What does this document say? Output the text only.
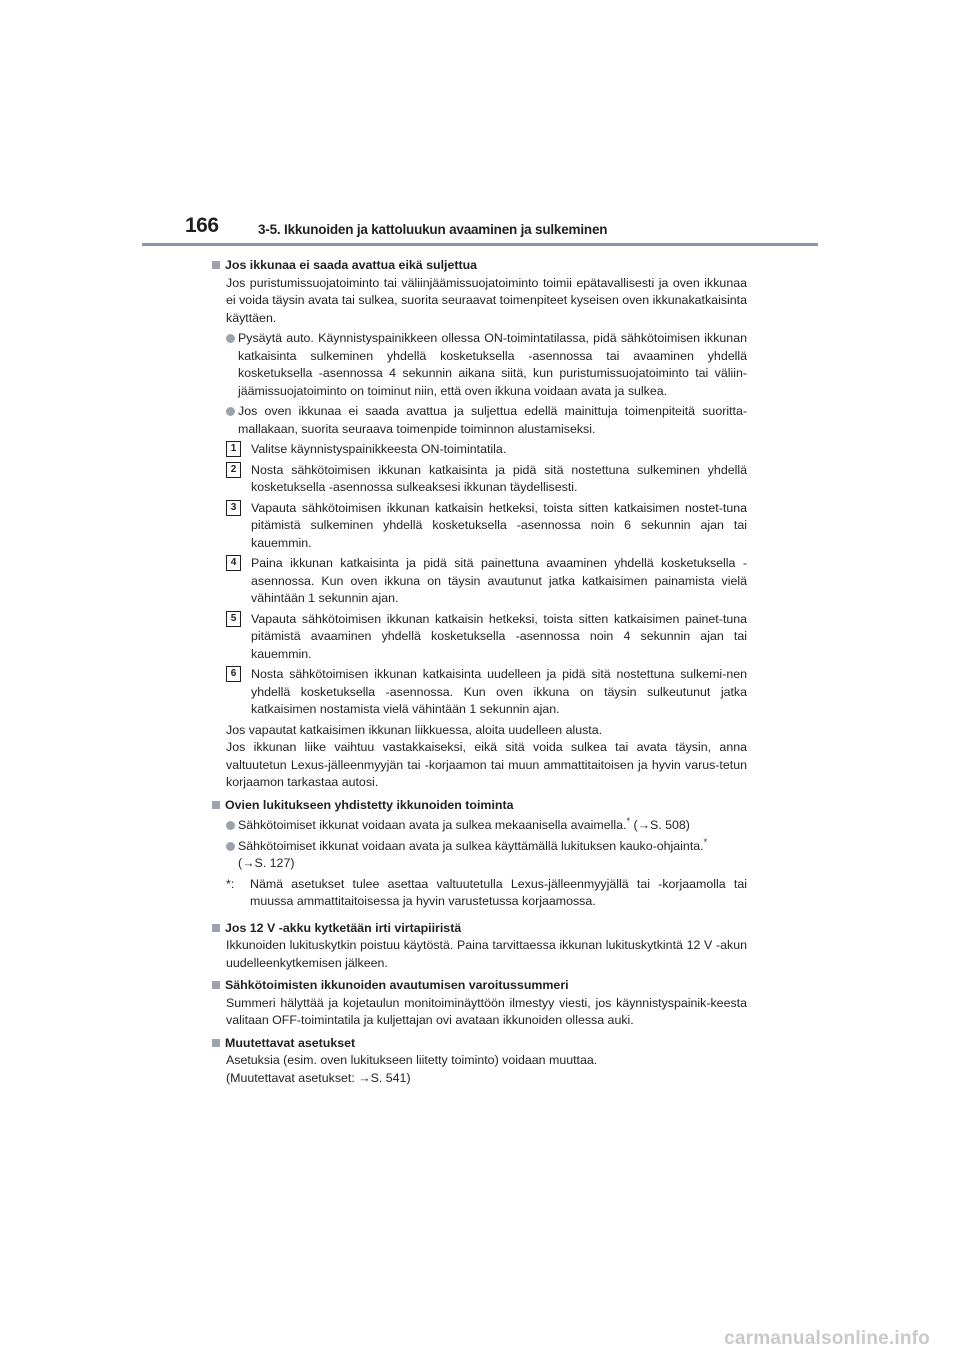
166	3-5. Ikkunoiden ja kattoluukun avaaminen ja sulkeminen
Jos ikkunaa ei saada avattua eikä suljettua

Jos puristumissuojatoiminto tai väliinjäämissuojatoiminto toimii epätavallisesti ja oven ikkunaa ei voida täysin avata tai sulkea, suorita seuraavat toimenpiteet kyseisen oven ikkunakatkaisinta käyttäen.

Pysäytä auto. Käynnistyspainikkeen ollessa ON-toimintatilassa, pidä sähkötoimisen ikkunan katkaisinta sulkeminen yhdellä kosketuksella -asennossa tai avaaminen yhdellä kosketuksella -asennossa 4 sekunnin aikana siitä, kun puristumissuojatoiminto tai väliin-jäämissuojatoiminto on toiminut niin, että oven ikkuna voidaan avata ja sulkea.

Jos oven ikkunaa ei saada avattua ja suljettua edellä mainittuja toimenpiteitä suoritta-mallakaan, suorita seuraava toimenpide toiminnon alustamiseksi.

1	Valitse käynnistyspainikkeesta ON-toimintatila.

2	Nosta sähkötoimisen ikkunan katkaisinta ja pidä sitä nostettuna sulkeminen yhdellä kosketuksella -asennossa sulkeaksesi ikkunan täydellisesti.

3	Vapauta sähkötoimisen ikkunan katkaisin hetkeksi, toista sitten katkaisimen nostet-tuna pitämistä sulkeminen yhdellä kosketuksella -asennossa noin 6 sekunnin ajan tai kauemmin.

4	Paina ikkunan katkaisinta ja pidä sitä painettuna avaaminen yhdellä kosketuksella -asennossa. Kun oven ikkuna on täysin avautunut jatka katkaisimen painamista vielä vähintään 1 sekunnin ajan.

5	Vapauta sähkötoimisen ikkunan katkaisin hetkeksi, toista sitten katkaisimen painet-tuna pitämistä avaaminen yhdellä kosketuksella -asennossa noin 4 sekunnin ajan tai kauemmin.

6	Nosta sähkötoimisen ikkunan katkaisinta uudelleen ja pidä sitä nostettuna sulkemi-nen yhdellä kosketuksella -asennossa. Kun oven ikkuna on täysin sulkeutunut jatka katkaisimen nostamista vielä vähintään 1 sekunnin ajan.

Jos vapautat katkaisimen ikkunan liikkuessa, aloita uudelleen alusta.

Jos ikkunan liike vaihtuu vastakkaiseksi, eikä sitä voida sulkea tai avata täysin, anna valtuutetun Lexus-jälleenmyyjän tai -korjaamon tai muun ammattitaitoisen ja hyvin varus-tetun korjaamon tarkastaa autosi.

Ovien lukitukseen yhdistetty ikkunoiden toiminta

Sähkötoimiset ikkunat voidaan avata ja sulkea mekaanisella avaimella.* (→S. 508)

Sähkötoimiset ikkunat voidaan avata ja sulkea käyttämällä lukituksen kauko-ohjainta.*
(→S. 127)

*: Nämä asetukset tulee asettaa valtuutetulla Lexus-jälleenmyyjällä tai -korjaamolla tai muussa ammattitaitoisessa ja hyvin varustetussa korjaamossa.

Jos 12 V -akku kytketään irti virtapiiristä

Ikkunoiden lukituskytkin poistuu käytöstä. Paina tarvittaessa ikkunan lukituskytkintä 12 V -akun uudelleenkytkemisen jälkeen.

Sähkötoimisten ikkunoiden avautumisen varoitussummeri

Summeri hälyttää ja kojetaulun monitoiminäyttöön ilmestyy viesti, jos käynnistyspainik-keesta valitaan OFF-toimintatila ja kuljettajan ovi avataan ikkunoiden ollessa auki.

Muutettavat asetukset

Asetuksia (esim. oven lukitukseen liitetty toiminto) voidaan muuttaa.

(Muutettavat asetukset: →S. 541)

carmanualsonline.info
